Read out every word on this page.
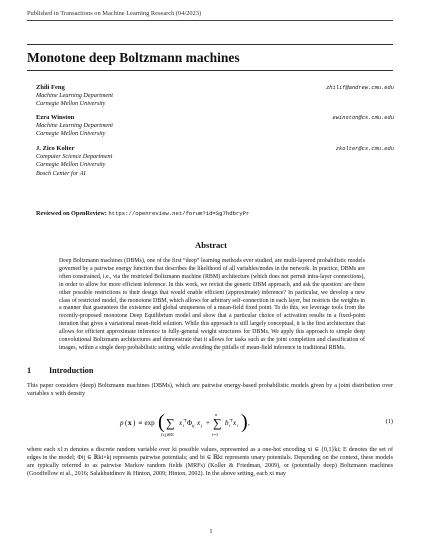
Published in Transactions on Machine Learning Research (04/2023)
Monotone deep Boltzmann machines
Zhili Feng	zhilif@andrew.cmu.edu
Machine Learning Department
Carnegie Mellon University
Ezra Winston	ewinston@cs.cmu.edu
Machine Learning Department
Carnegie Mellon University
J. Zico Kolter	zkolter@cs.cmu.edu
Computer Science Department
Carnegie Mellon University
Bosch Center for AI
Reviewed on OpenReview: https://openreview.net/forum?id=Sg7hdbryPr
Abstract

Deep Boltzmann machines (DBMs), one of the first “deep” learning methods ever studied, are multi-layered probabilistic models governed by a pairwise energy function that describes the likelihood of all variables/nodes in the network. In practice, DBMs are often constrained, i.e., via the restricted Boltzmann machine (RBM) architecture (which does not permit intra-layer connections), in order to allow for more efficient inference. In this work, we revisit the generic DBM approach, and ask the question: are there other possible restrictions to their design that would enable efficient (approximate) inference? In particular, we develop a new class of restricted model, the monotone DBM, which allows for arbitrary self-connection in each layer, but restricts the weights in a manner that guarantees the existence and global uniqueness of a mean-field fixed point. To do this, we leverage tools from the recently-proposed monotone Deep Equilibrium model and show that a particular choice of activation results in a fixed-point iteration that gives a variational mean-field solution. While this approach is still largely conceptual, it is the first architecture that allows for efficient approximate inference in fully-general weight structures for DBMs. We apply this approach to simple deep convolutional Boltzmann architectures and demonstrate that it allows for tasks such as the joint completion and classification of images, within a single deep probabilistic setting, while avoiding the pitfalls of mean-field inference in traditional RBMs.

1 Introduction

This paper considers (deep) Boltzmann machines (DBMs), which are pairwise energy-based probabilistic models given by a joint distribution over variables x with density

p ( x ) ∝ exp ( ∑
(i,j)∈E
x ⊤
i Φ ij x j +
n
∑
i=1
b ⊤
i x i ) ,	(1)

where each x1:n denotes a discrete random variable over ki possible values, represented as a one-hot encoding xi ∈ {0,1}ki; E denotes the set of edges in the model; Φij ∈ ℝki×kj represents pairwise potentials; and bi ∈ ℝki represents unary potentials. Depending on the context, these models are typically referred to as pairwise Markov random fields (MRFs) (Koller & Friedman, 2009), or (potentially deep) Boltzmann machines (Goodfellow et al., 2016; Salakhutdinov & Hinton, 2009; Hinton, 2002). In the above setting, each xi may

1
